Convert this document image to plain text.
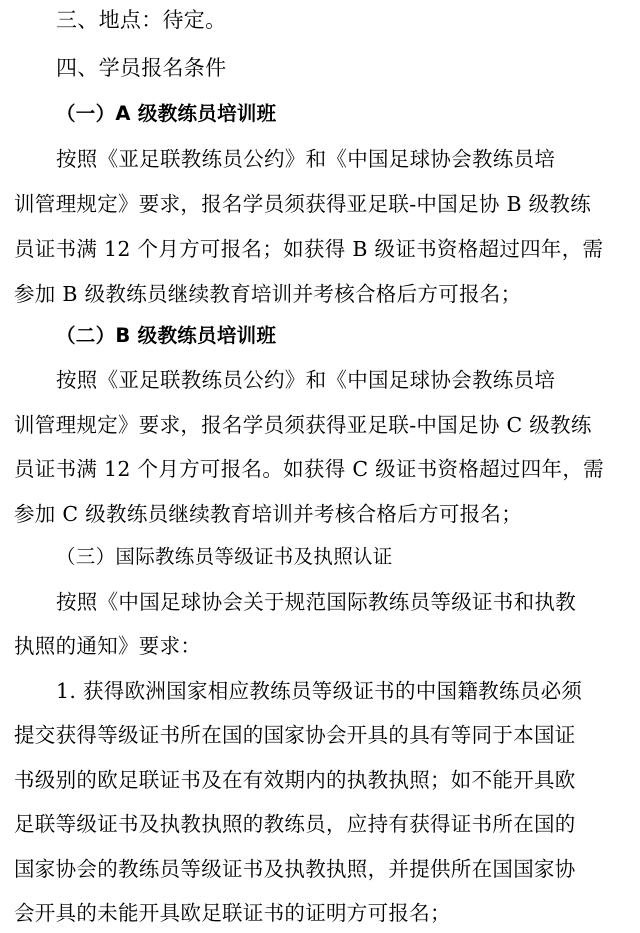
三、地点：待定。
四、学员报名条件
（一）A 级教练员培训班
按照《亚足联教练员公约》和《中国足球协会教练员培
训管理规定》要求，报名学员须获得亚足联-中国足协 B 级教练
员证书满 12 个月方可报名；如获得 B 级证书资格超过四年，需
参加 B 级教练员继续教育培训并考核合格后方可报名；
（二）B 级教练员培训班
按照《亚足联教练员公约》和《中国足球协会教练员培
训管理规定》要求，报名学员须获得亚足联-中国足协 C 级教练
员证书满 12 个月方可报名。如获得 C 级证书资格超过四年，需
参加 C 级教练员继续教育培训并考核合格后方可报名；
（三）国际教练员等级证书及执照认证
按照《中国足球协会关于规范国际教练员等级证书和执教
执照的通知》要求：
1. 获得欧洲国家相应教练员等级证书的中国籍教练员必须
提交获得等级证书所在国的国家协会开具的具有等同于本国证
书级别的欧足联证书及在有效期内的执教执照；如不能开具欧
足联等级证书及执教执照的教练员，应持有获得证书所在国的
国家协会的教练员等级证书及执教执照，并提供所在国国家协
会开具的未能开具欧足联证书的证明方可报名；
